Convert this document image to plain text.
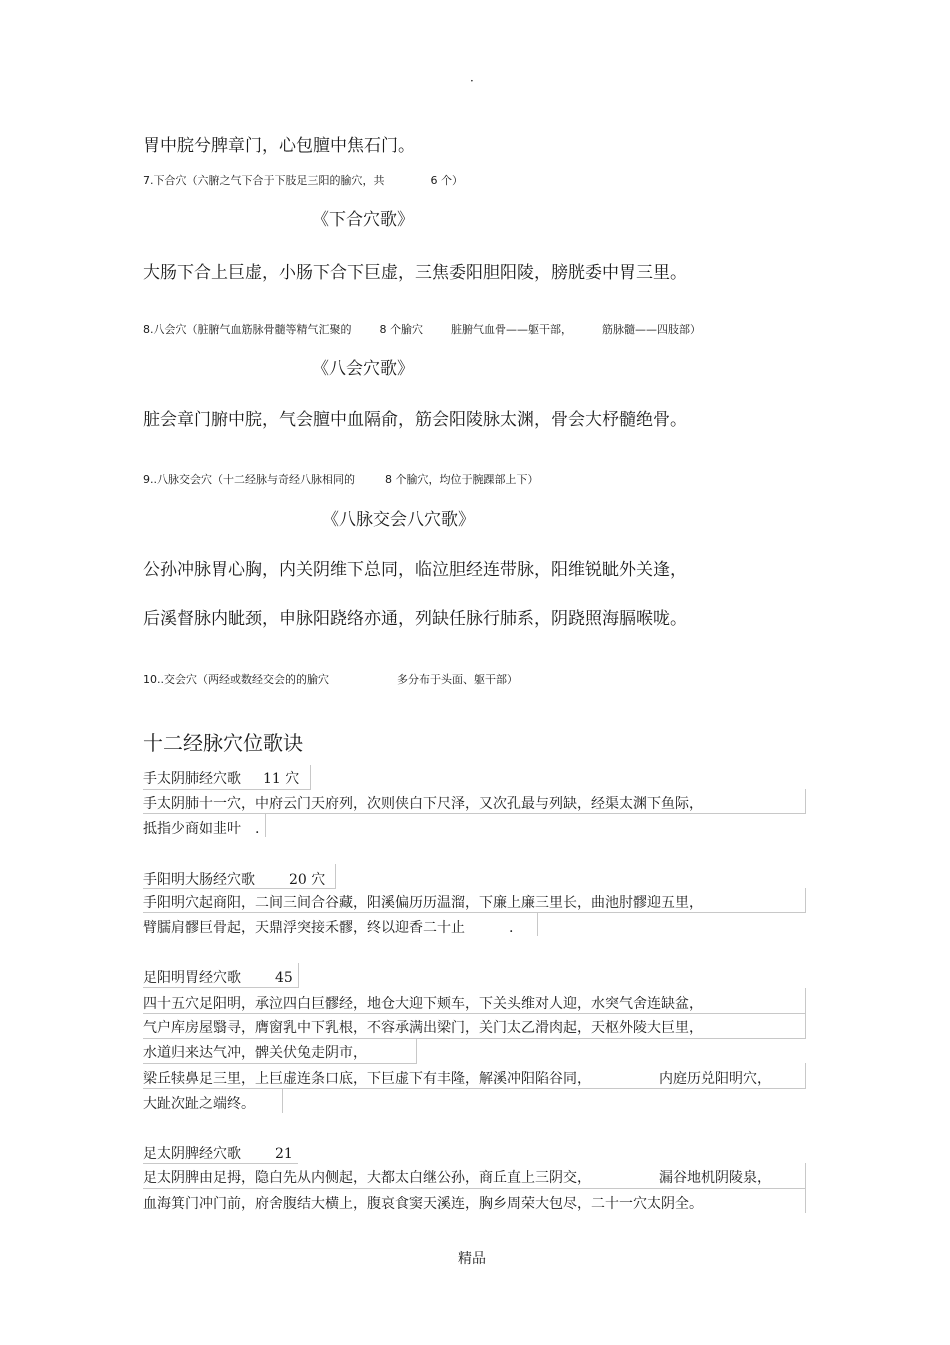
·
胃中脘兮脾章门，心包膻中焦石门。
7.下合穴（六腑之气下合于下肢足三阳的腧穴，共	6 个）
《下合穴歌》
大肠下合上巨虚，小肠下合下巨虚，三焦委阳胆阳陵，膀胱委中胃三里。
8.八会穴（脏腑气血筋脉骨髓等精气汇聚的	8 个腧穴	脏腑气血骨——躯干部，	筋脉髓——四肢部）
《八会穴歌》
脏会章门腑中脘，气会膻中血隔俞，筋会阳陵脉太渊，骨会大杼髓绝骨。
9..八脉交会穴（十二经脉与奇经八脉相同的	8 个腧穴，均位于腕踝部上下）
《八脉交会八穴歌》
公孙冲脉胃心胸，内关阴维下总同，临泣胆经连带脉，阳维锐眦外关逢，
后溪督脉内眦颈，申脉阳跷络亦通，列缺任脉行肺系，阴跷照海膈喉咙。
10..交会穴（两经或数经交会的的腧穴	多分布于头面、躯干部）
十二经脉穴位歌诀
手太阴肺经穴歌 11 穴
手太阴肺十一穴，中府云门天府列，次则侠白下尺泽，又次孔最与列缺，经渠太渊下鱼际，
抵指少商如韭叶 .
手阳明大肠经穴歌 20 穴
手阳明穴起商阳，二间三间合谷藏，阳溪偏历历温溜，下廉上廉三里长，曲池肘髎迎五里，
臂臑肩髎巨骨起，天鼎浮突接禾髎，终以迎香二十止	.
足阳明胃经穴歌 45
四十五穴足阳明，承泣四白巨髎经，地仓大迎下颊车，下关头维对人迎，水突气舍连缺盆，
气户库房屋翳寻，膺窗乳中下乳根，不容承满出梁门，关门太乙滑肉起，天枢外陵大巨里，
水道归来达气冲，髀关伏兔走阴市，
梁丘犊鼻足三里，上巨虚连条口底，下巨虚下有丰隆，解溪冲阳陷谷同，	内庭历兑阳明穴，
大趾次趾之端终。
足太阴脾经穴歌 21
足太阴脾由足拇，隐白先从内侧起，大都太白继公孙，商丘直上三阴交，	漏谷地机阴陵泉，
血海箕门冲门前，府舍腹结大横上，腹哀食窦天溪连，胸乡周荣大包尽，二十一穴太阴全。
精品
